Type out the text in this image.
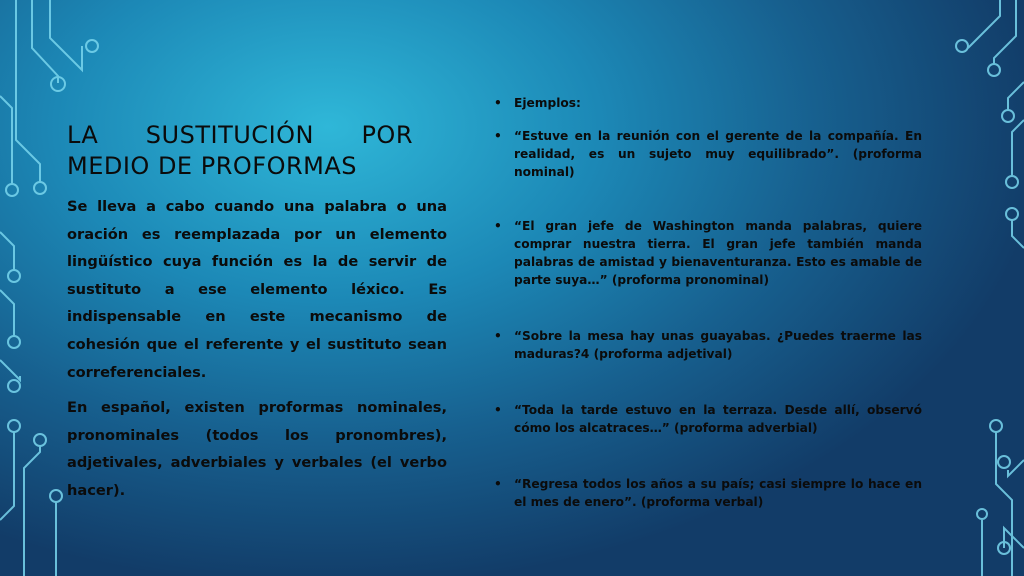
LA SUSTITUCIÓN POR MEDIO DE PROFORMAS

Se lleva a cabo cuando una palabra o una oración es reemplazada por un elemento lingüístico cuya función es la de servir de sustituto a ese elemento léxico. Es indispensable en este mecanismo de cohesión que el referente y el sustituto sean correferenciales.

En español, existen proformas nominales, pronominales (todos los pronombres), adjetivales, adverbiales y verbales (el verbo hacer).

• Ejemplos:
• “Estuve en la reunión con el gerente de la compañía. En realidad, es un sujeto muy equilibrado”. (proforma nominal)
• “El gran jefe de Washington manda palabras, quiere comprar nuestra tierra. El gran jefe también manda palabras de amistad y bienaventuranza. Esto es amable de parte suya…” (proforma pronominal)
• “Sobre la mesa hay unas guayabas. ¿Puedes traerme las maduras?4 (proforma adjetival)
• “Toda la tarde estuvo en la terraza. Desde allí, observó cómo los alcatraces…” (proforma adverbial)
• “Regresa todos los años a su país; casi siempre lo hace en el mes de enero”. (proforma verbal)
